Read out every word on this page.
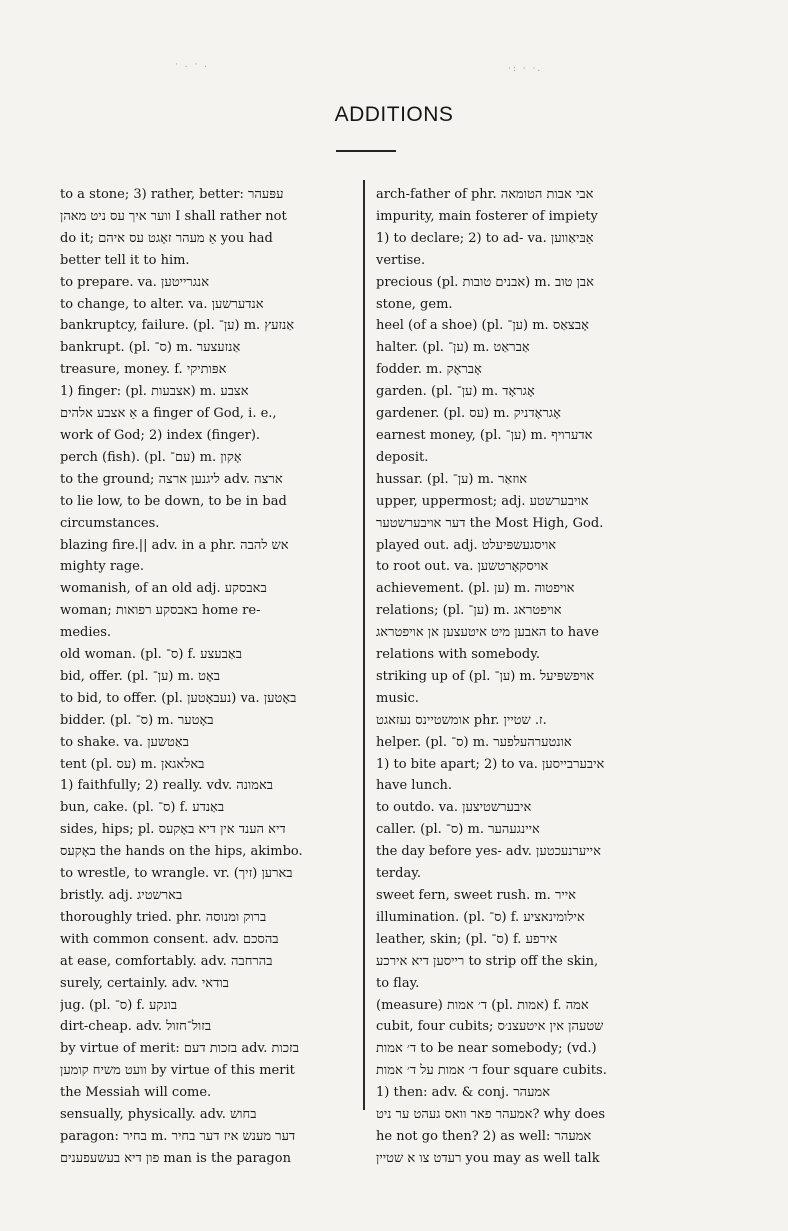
· . · .	·: · ·.
ADDITIONS
to a stone; 3) rather, better: עפּעהר
ווער איך עס ניט מאהן I shall rather not
do it; אַ מעהר זאָגט עס איהם you had
better tell it to him.
to prepare. va. אנגרייטען
to change, to alter. va. אנדערשען
bankruptcy, failure. (pl. ען־) m. אַנזעץ
bankrupt. (pl. ס־) m. אַנזעצער
treasure, money. f. אפּותיקי
1) finger: (pl. אצבעות) m. אצבע
אַ אצבע אלהים a finger of God, i. e.,
work of God; 2) index (finger).
perch (fish). (pl. עם־) m. אָקון
to the ground; ליגנען ארצה adv. ארצה
to lie low, to be down, to be in bad
circumstances.
blazing fire.|| adv. in a phr. אש להבה
mighty rage.
womanish, of an old adj. באבסקע
woman; באבסקע רפואות home re-
medies.
old woman. (pl. ס־) f. באַבעצע
bid, offer. (pl. ען־) m. באָט
to bid, to offer. (pl. נעבאָטען) va. באָטען
bidder. (pl. ס־) m. באָטער
to shake. va. באַטשען
tent (pl. עס) m. באלאגאן
1) faithfully; 2) really. vdv. באמונה
bun, cake. (pl. ס־) f. באַנדע
sides, hips; pl. דיא הענד אין דיא באָקעס
באָקעס the hands on the hips, akimbo.
to wrestle, to wrangle. vr. (זיך) בארען
bristly. adj. בארשטיג
thoroughly tried. phr. ברוק ומנוסה
with common consent. adv. בהסכם
at ease, comfortably. adv. בהרחבה
surely, certainly. adv. בודאי
jug. (pl. ס־) f. בונקע
dirt-cheap. adv. בזול־חזול
by virtue of merit: בזכות דעם adv. בזכות
וועט משיח קומען by virtue of this merit
the Messiah will come.
sensually, physically. adv. בחוש
paragon: בחיר m. דער מענש איז דער בחיר
פון דיא בעשעפענים man is the paragon
arch-father of phr. אבי אבות הטומאה
impurity, main fosterer of impiety
1) to declare; 2) to ad- va. אַבּיאַווען
vertise.
precious (pl. אבנים טובות) m. אבן טוב
stone, gem.
heel (of a shoe) (pl. ען־) m. אָבצאַס
halter. (pl. ען־) m. אַבראַט
fodder. m. אָבראָק
garden. (pl. ען־) m. אָגראָד
gardener. (pl. עס) m. אָגראָדניק
earnest money, (pl. ען־) m. אדערויף
deposit.
hussar. (pl. ען־) m. אוזאַר
upper, uppermost; adj. אויבערשטע
דער אויבערשטער the Most High, God.
played out. adj. אויסגעשפּיעלט
to root out. va. אויסקאָרטשען
achievement. (pl. ען) m. אויפטוה
relations; (pl. ען־) m. אויפטראג
האבען מיט איטעצען אן אויפטראג to have
relations with somebody.
striking up of (pl. ען־) m. אויפשפּיעל
music.
אומשטיינס נעזאגט phr. ז. שטיין.
helper. (pl. ס־) m. אונטערהעלפער
1) to bite apart; 2) to va. איבערבייסען
have lunch.
to outdo. va. איבערשטיצען
caller. (pl. ס־) m. איינגעהער
the day before yes- adv. אייערנעכטען
terday.
sweet fern, sweet rush. m. אייר
illumination. (pl. ס־) f. אילומינאציע
leather, skin; (pl. ס־) f. אירפע
רייסען דיא אירכע to strip off the skin,
to flay.
(measure) ד׳ אמות (pl. אמות) f. אמה
cubit, four cubits; שטעהן אין איטעצנ׳ס
ד׳ אמות to be near somebody; (vd.)
ד׳ אמות על ד׳ אמות four square cubits.
1) then: adv. & conj. אמעהר
אמעהר פאר וואס געהט ער ניט? why does
he not go then? 2) as well: אמעהר
רעדט צו א שטיין you may as well talk
